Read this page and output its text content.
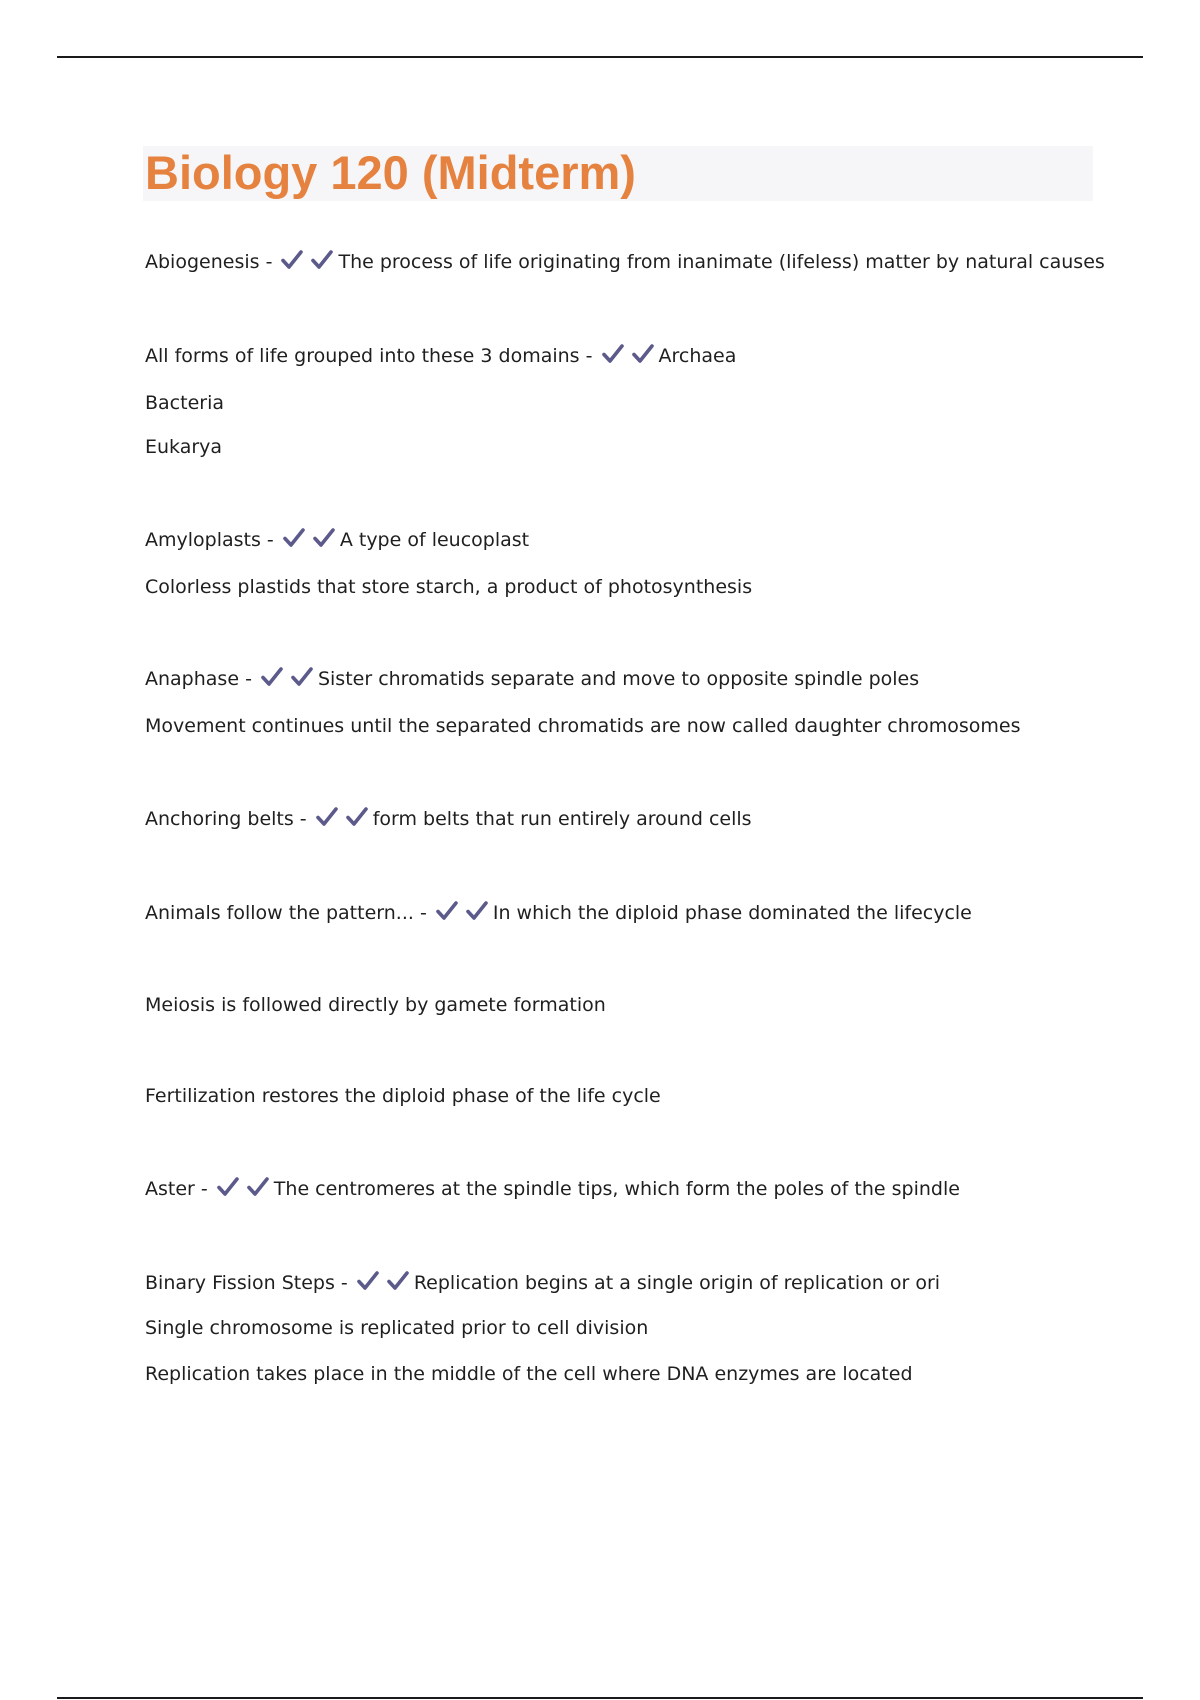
Biology 120 (Midterm)

Abiogenesis -	The process of life originating from inanimate (lifeless) matter by natural causes

All forms of life grouped into these 3 domains -	Archaea

Bacteria

Eukarya

Amyloplasts -	A type of leucoplast

Colorless plastids that store starch, a product of photosynthesis

Anaphase -	Sister chromatids separate and move to opposite spindle poles

Movement continues until the separated chromatids are now called daughter chromosomes

Anchoring belts -	form belts that run entirely around cells

Animals follow the pattern... -	In which the diploid phase dominated the lifecycle

Meiosis is followed directly by gamete formation

Fertilization restores the diploid phase of the life cycle

Aster -	The centromeres at the spindle tips, which form the poles of the spindle

Binary Fission Steps -	Replication begins at a single origin of replication or ori

Single chromosome is replicated prior to cell division

Replication takes place in the middle of the cell where DNA enzymes are located
